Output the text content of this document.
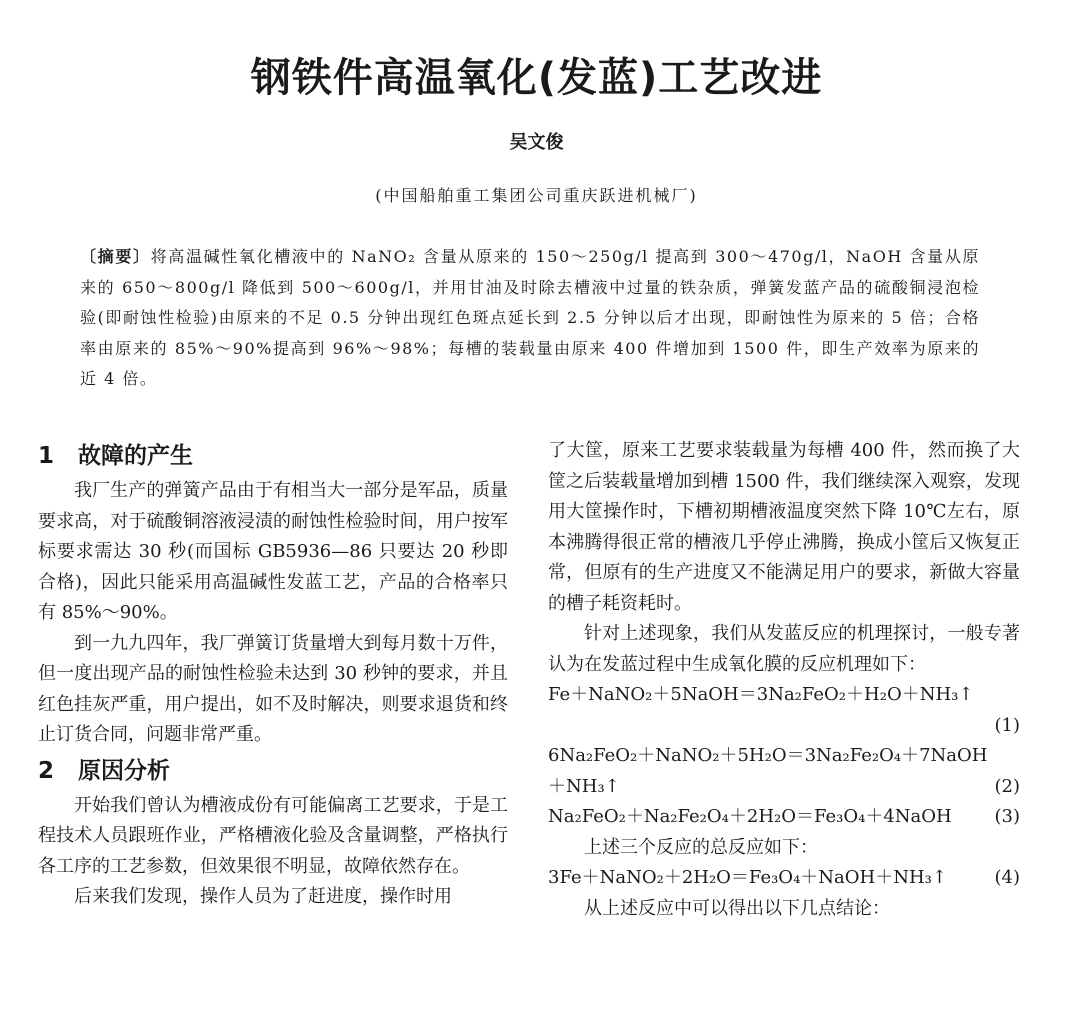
钢铁件高温氧化(发蓝)工艺改进
吴文俊
(中国船舶重工集团公司重庆跃进机械厂)

〔摘要〕将高温碱性氧化槽液中的 NaNO₂ 含量从原来的 150～250g/l 提高到 300～470g/l，NaOH 含量从原来的 650～800g/l 降低到 500～600g/l，并用甘油及时除去槽液中过量的铁杂质，弹簧发蓝产品的硫酸铜浸泡检验(即耐蚀性检验)由原来的不足 0.5 分钟出现红色斑点延长到 2.5 分钟以后才出现，即耐蚀性为原来的 5 倍；合格率由原来的 85%～90%提高到 96%～98%；每槽的装载量由原来 400 件增加到 1500 件，即生产效率为原来的近 4 倍。

1 故障的产生

我厂生产的弹簧产品由于有相当大一部分是军品，质量要求高，对于硫酸铜溶液浸渍的耐蚀性检验时间，用户按军标要求需达 30 秒(而国标 GB5936—86 只要达 20 秒即合格)，因此只能采用高温碱性发蓝工艺，产品的合格率只有 85%～90%。

到一九九四年，我厂弹簧订货量增大到每月数十万件，但一度出现产品的耐蚀性检验未达到 30 秒钟的要求，并且红色挂灰严重，用户提出，如不及时解决，则要求退货和终止订货合同，问题非常严重。

2 原因分析

开始我们曾认为槽液成份有可能偏离工艺要求，于是工程技术人员跟班作业，严格槽液化验及含量调整，严格执行各工序的工艺参数，但效果很不明显，故障依然存在。

后来我们发现，操作人员为了赶进度，操作时用

了大筐，原来工艺要求装载量为每槽 400 件，然而换了大筐之后装载量增加到槽 1500 件，我们继续深入观察，发现用大筐操作时，下槽初期槽液温度突然下降 10℃左右，原本沸腾得很正常的槽液几乎停止沸腾，换成小筐后又恢复正常，但原有的生产进度又不能满足用户的要求，新做大容量的槽子耗资耗时。

针对上述现象，我们从发蓝反应的机理探讨，一般专著认为在发蓝过程中生成氧化膜的反应机理如下：

Fe＋NaNO₂＋5NaOH＝3Na₂FeO₂＋H₂O＋NH₃↑

(1)

6Na₂FeO₂＋NaNO₂＋5H₂O＝3Na₂Fe₂O₄＋7NaOH

＋NH₃↑	(2)

Na₂FeO₂＋Na₂Fe₂O₄＋2H₂O＝Fe₃O₄＋4NaOH	(3)

上述三个反应的总反应如下：

3Fe＋NaNO₂＋2H₂O＝Fe₃O₄＋NaOH＋NH₃↑	(4)

从上述反应中可以得出以下几点结论：
